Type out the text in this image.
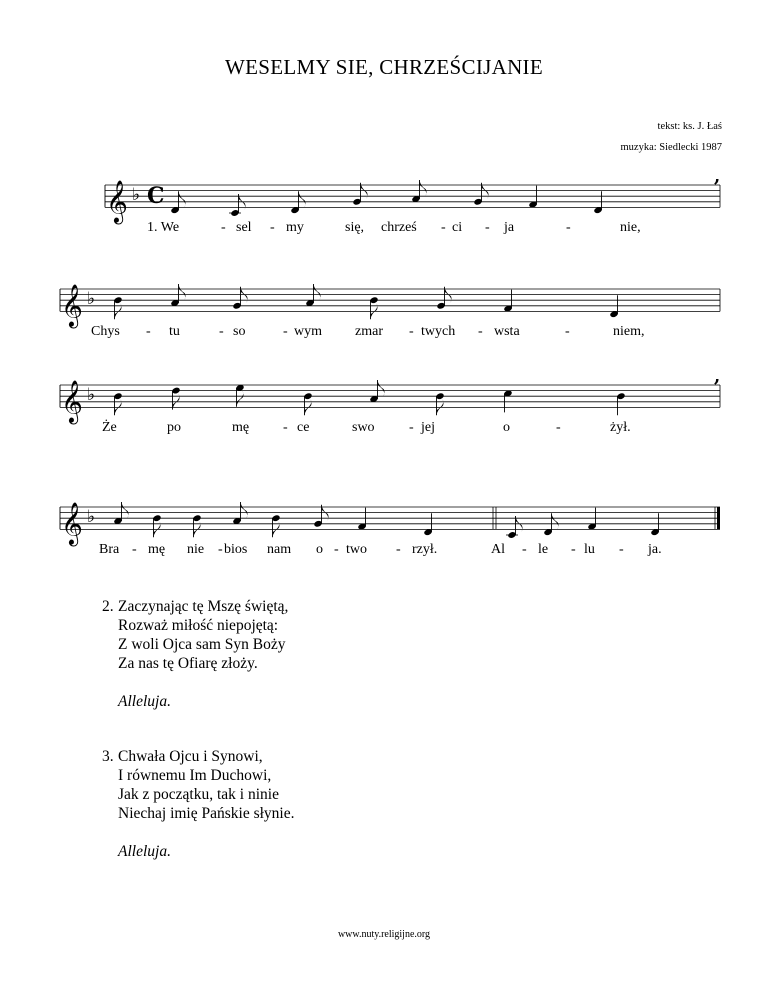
WESELMY SIE, CHRZEŚCIJANIE
tekst: ks. J. Łaś
muzyka: Siedlecki 1987
𝄞 ♭ C
,
𝄞 ♭
𝄞 ♭
,
𝄞 ♭
1. We	- sel - my	się, chrześ - ci - ja	-	nie,
Chys - tu	- so	- wym zmar - twych - wsta	-	niem,
Że	po	mę - ce	swo - jej	o	-	żył.
Bra - mę nie - bios nam o - two - rzył.	Al - le - lu - ja.
2. Zaczynając tę Mszę świętą,
Rozważ miłość niepojętą:
Z woli Ojca sam Syn Boży
Za nas tę Ofiarę złoży.
Alleluja.
3. Chwała Ojcu i Synowi,
I równemu Im Duchowi,
Jak z początku, tak i ninie
Niechaj imię Pańskie słynie.
Alleluja.
www.nuty.religijne.org
